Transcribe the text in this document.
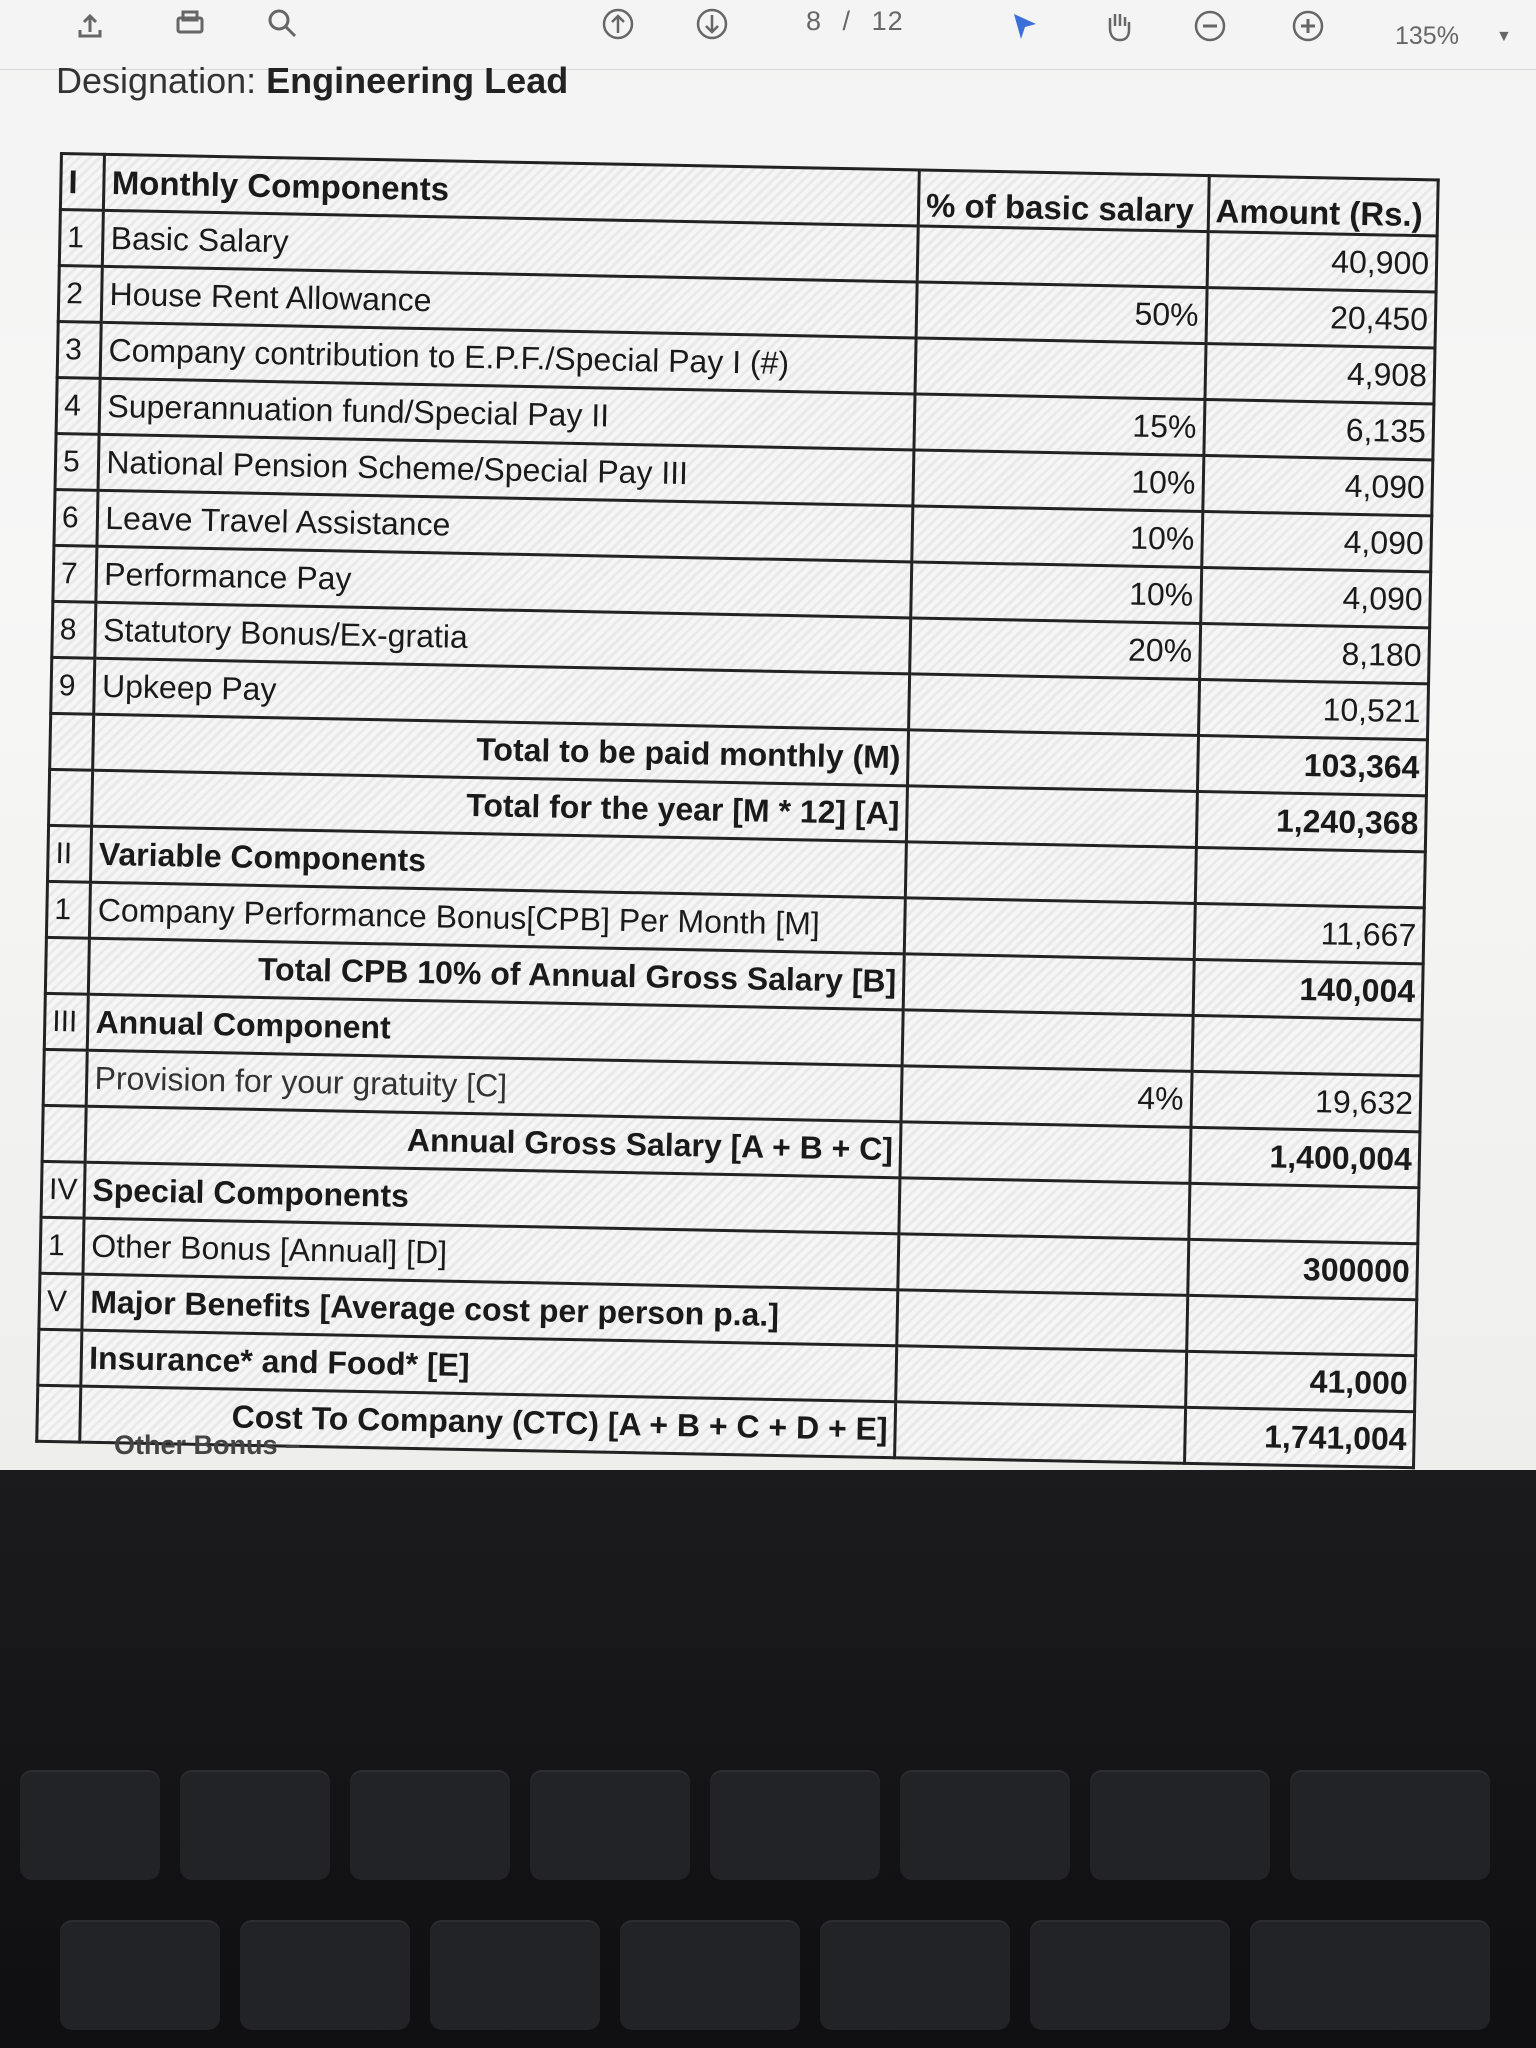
8 / 12	135% ▼
Designation: Engineering Lead
I	Monthly Components	% of basic salary	Amount (Rs.)
1	Basic Salary		40,900
2	House Rent Allowance	50%	20,450
3	Company contribution to E.P.F./Special Pay I (#)		4,908
4	Superannuation fund/Special Pay II	15%	6,135
5	National Pension Scheme/Special Pay III	10%	4,090
6	Leave Travel Assistance	10%	4,090
7	Performance Pay	10%	4,090
8	Statutory Bonus/Ex-gratia	20%	8,180
9	Upkeep Pay		10,521
	Total to be paid monthly (M)		103,364
	Total for the year [M * 12] [A]		1,240,368
II	Variable Components		
1	Company Performance Bonus[CPB] Per Month [M]		11,667
	Total CPB 10% of Annual Gross Salary [B]		140,004
III	Annual Component		
	Provision for your gratuity [C]	4%	19,632
	Annual Gross Salary [A + B + C]		1,400,004
IV	Special Components		
1	Other Bonus [Annual] [D]		300000
V	Major Benefits [Average cost per person p.a.]		
	Insurance* and Food* [E]		41,000
	Cost To Company (CTC) [A + B + C + D + E]		1,741,004
Other Bonus –
